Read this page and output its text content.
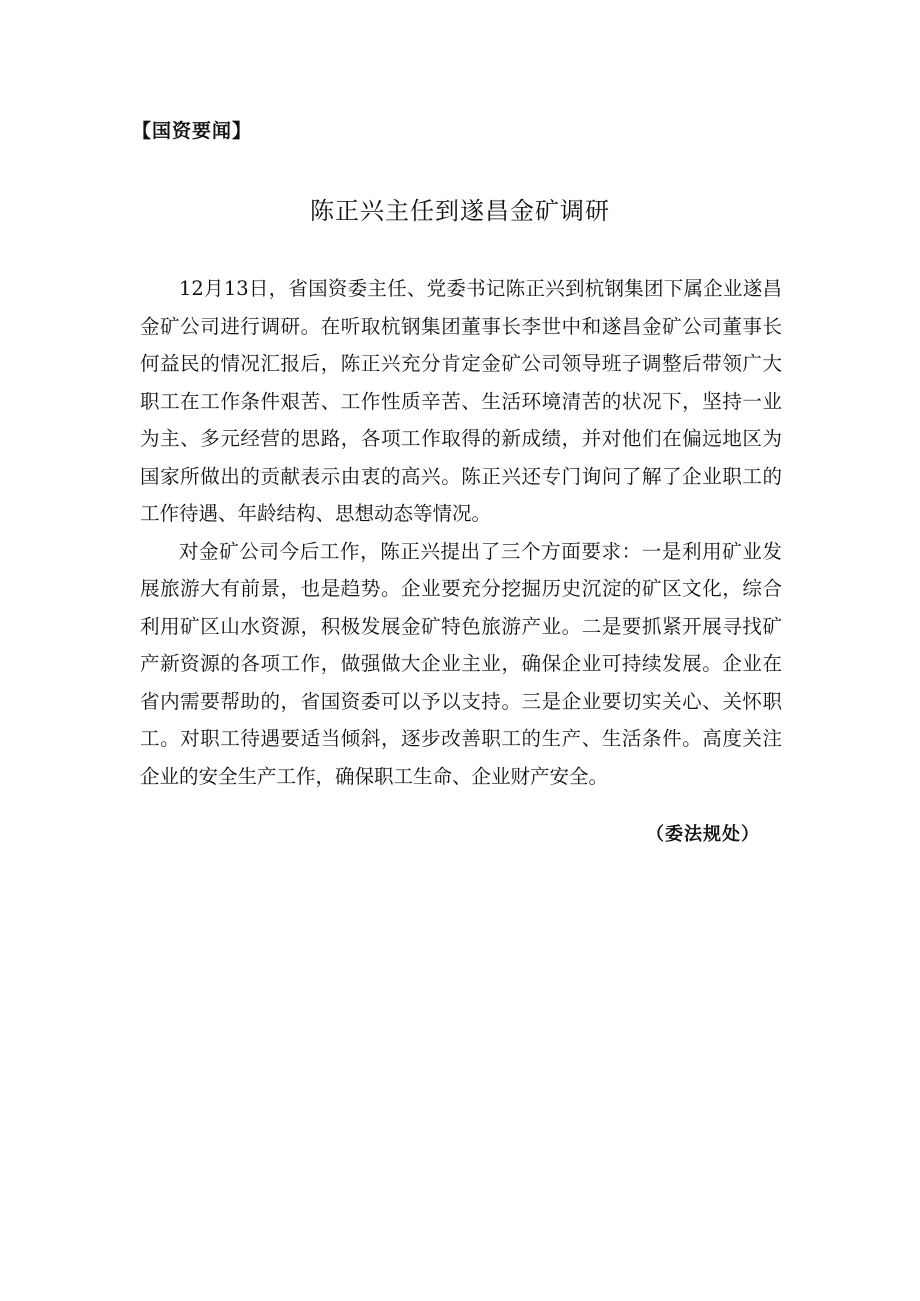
【国资要闻】

陈正兴主任到遂昌金矿调研

12月13日，省国资委主任、党委书记陈正兴到杭钢集团下属企业遂昌金矿公司进行调研。在听取杭钢集团董事长李世中和遂昌金矿公司董事长何益民的情况汇报后，陈正兴充分肯定金矿公司领导班子调整后带领广大职工在工作条件艰苦、工作性质辛苦、生活环境清苦的状况下，坚持一业为主、多元经营的思路，各项工作取得的新成绩，并对他们在偏远地区为国家所做出的贡献表示由衷的高兴。陈正兴还专门询问了解了企业职工的工作待遇、年龄结构、思想动态等情况。

对金矿公司今后工作，陈正兴提出了三个方面要求：一是利用矿业发展旅游大有前景，也是趋势。企业要充分挖掘历史沉淀的矿区文化，综合利用矿区山水资源，积极发展金矿特色旅游产业。二是要抓紧开展寻找矿产新资源的各项工作，做强做大企业主业，确保企业可持续发展。企业在省内需要帮助的，省国资委可以予以支持。三是企业要切实关心、关怀职工。对职工待遇要适当倾斜，逐步改善职工的生产、生活条件。高度关注企业的安全生产工作，确保职工生命、企业财产安全。

（委法规处）
